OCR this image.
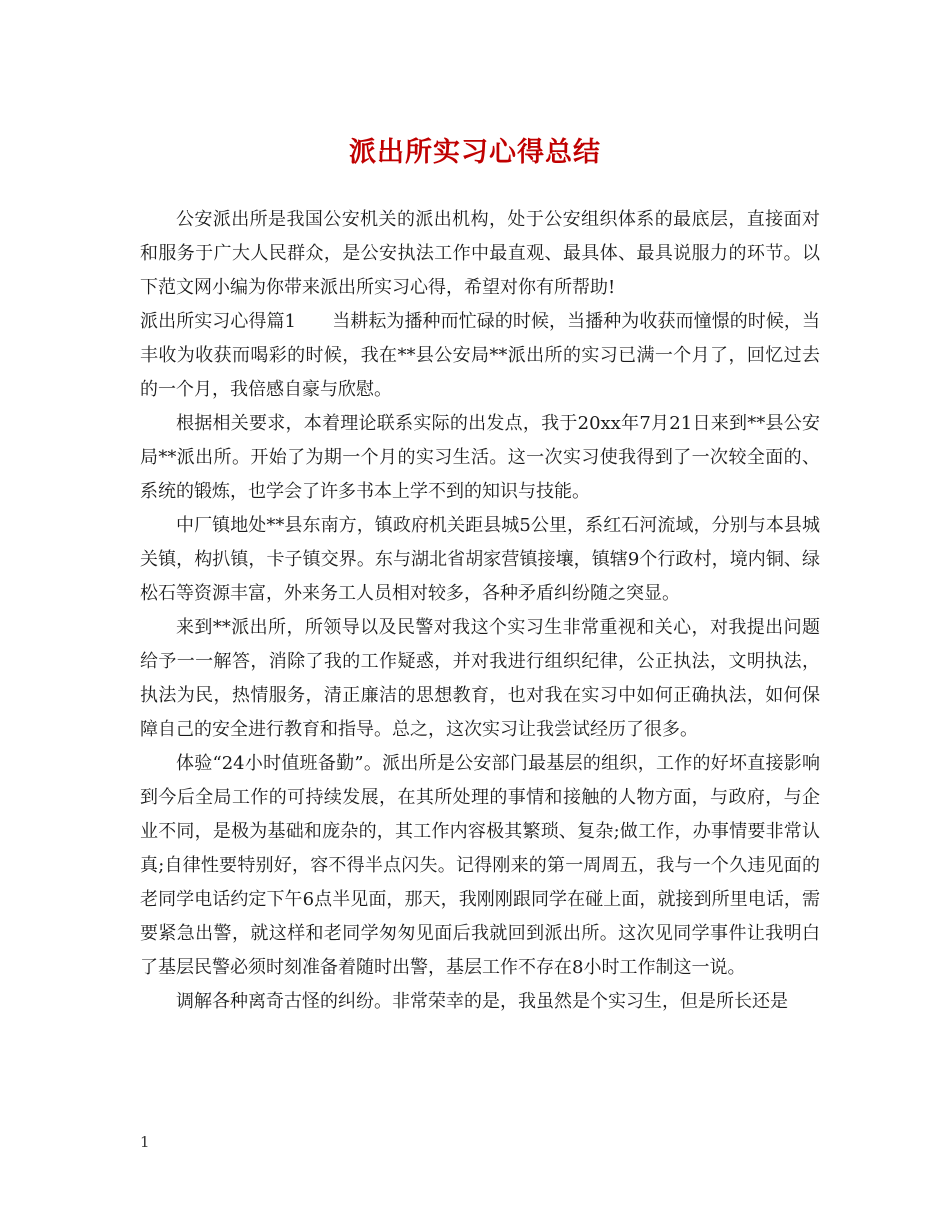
派出所实习心得总结

公安派出所是我国公安机关的派出机构，处于公安组织体系的最底层，直接面对和服务于广大人民群众，是公安执法工作中最直观、最具体、最具说服力的环节。以下范文网小编为你带来派出所实习心得，希望对你有所帮助!

派出所实习心得篇1　　当耕耘为播种而忙碌的时候，当播种为收获而憧憬的时候，当丰收为收获而喝彩的时候，我在**县公安局**派出所的实习已满一个月了，回忆过去的一个月，我倍感自豪与欣慰。

根据相关要求，本着理论联系实际的出发点，我于20xx年7月21日来到**县公安局**派出所。开始了为期一个月的实习生活。这一次实习使我得到了一次较全面的、系统的锻炼，也学会了许多书本上学不到的知识与技能。

中厂镇地处**县东南方，镇政府机关距县城5公里，系红石河流域，分别与本县城关镇，构扒镇，卡子镇交界。东与湖北省胡家营镇接壤，镇辖9个行政村，境内铜、绿松石等资源丰富，外来务工人员相对较多，各种矛盾纠纷随之突显。

来到**派出所，所领导以及民警对我这个实习生非常重视和关心，对我提出问题给予一一解答，消除了我的工作疑惑，并对我进行组织纪律，公正执法，文明执法，执法为民，热情服务，清正廉洁的思想教育，也对我在实习中如何正确执法，如何保障自己的安全进行教育和指导。总之，这次实习让我尝试经历了很多。

体验“24小时值班备勤”。派出所是公安部门最基层的组织，工作的好坏直接影响到今后全局工作的可持续发展，在其所处理的事情和接触的人物方面，与政府，与企业不同，是极为基础和庞杂的，其工作内容极其繁琐、复杂;做工作，办事情要非常认真;自律性要特别好，容不得半点闪失。记得刚来的第一周周五，我与一个久违见面的老同学电话约定下午6点半见面，那天，我刚刚跟同学在碰上面，就接到所里电话，需要紧急出警，就这样和老同学匆匆见面后我就回到派出所。这次见同学事件让我明白了基层民警必须时刻准备着随时出警，基层工作不存在8小时工作制这一说。

调解各种离奇古怪的纠纷。非常荣幸的是，我虽然是个实习生，但是所长还是

1
